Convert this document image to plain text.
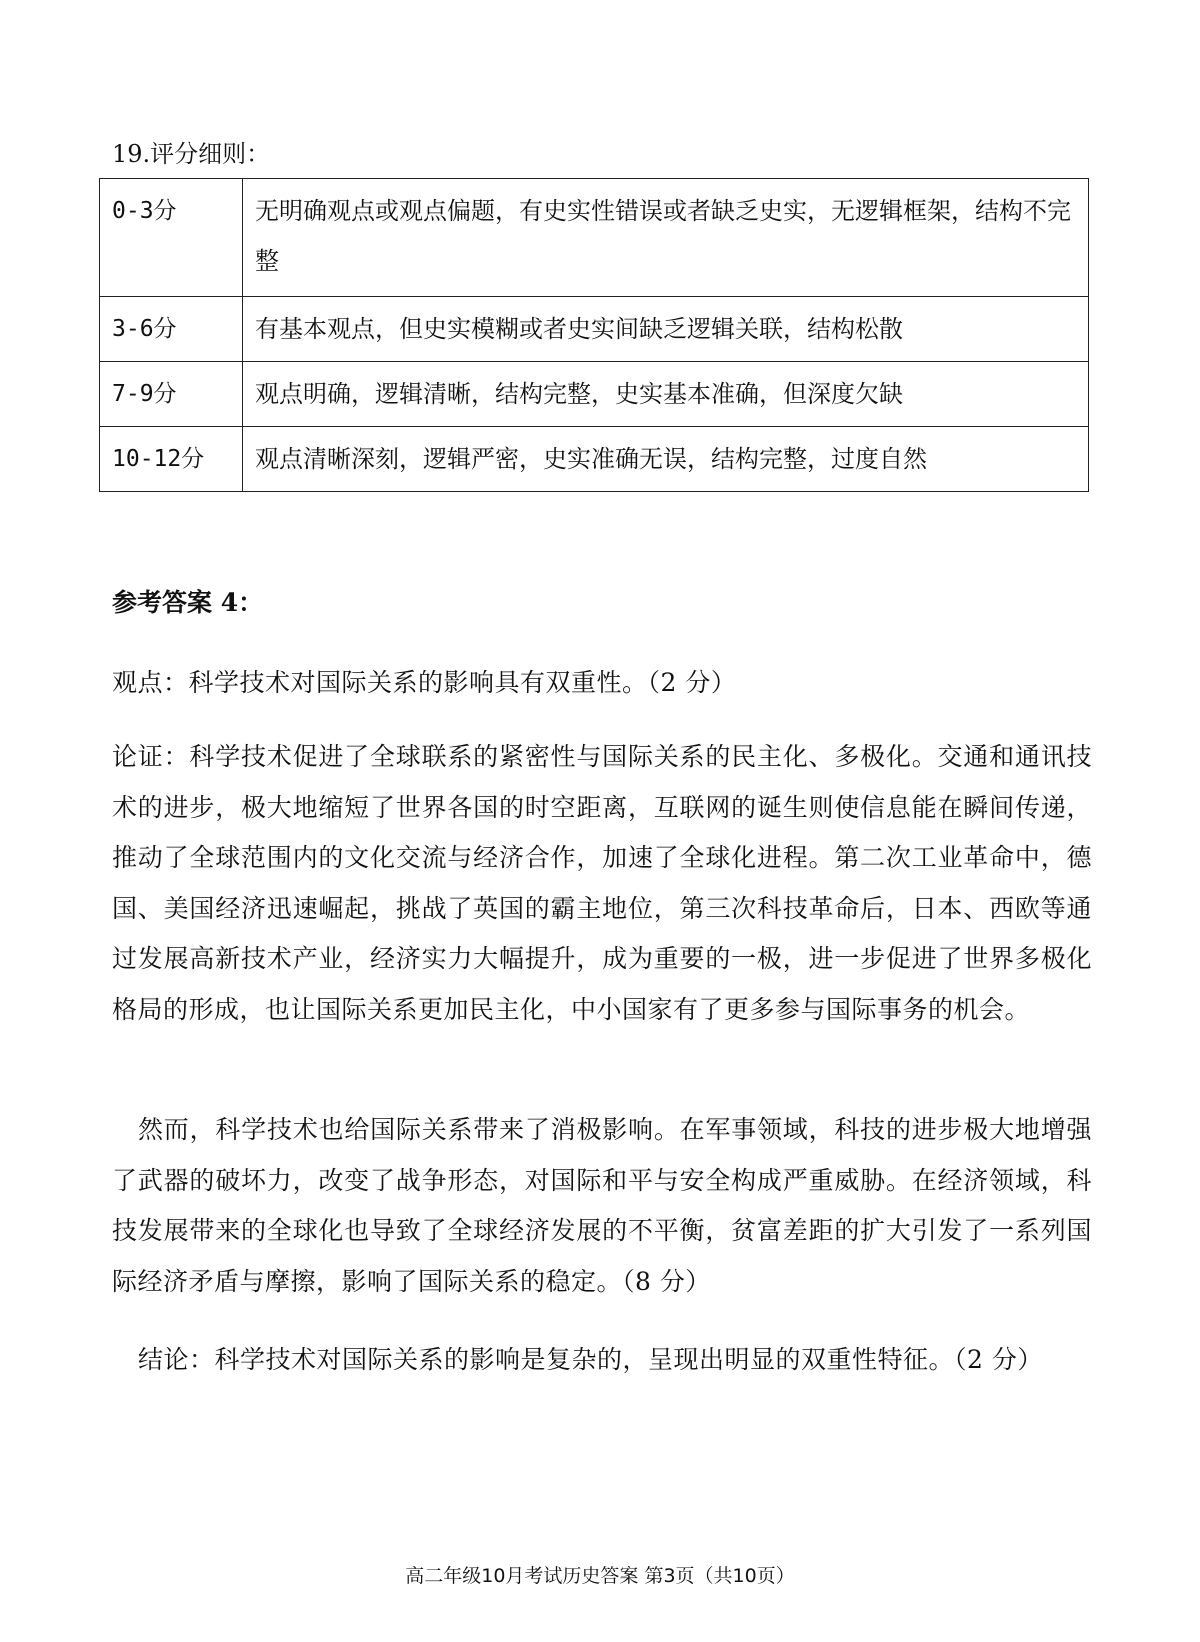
19.评分细则：

0-3分	无明确观点或观点偏题，有史实性错误或者缺乏史实，无逻辑框架，结构不完整
3-6分	有基本观点，但史实模糊或者史实间缺乏逻辑关联，结构松散
7-9分	观点明确，逻辑清晰，结构完整，史实基本准确，但深度欠缺
10-12分	观点清晰深刻，逻辑严密，史实准确无误，结构完整，过度自然

参考答案 4：

观点：科学技术对国际关系的影响具有双重性。（2 分）

论证：科学技术促进了全球联系的紧密性与国际关系的民主化、多极化。交通和通讯技术的进步，极大地缩短了世界各国的时空距离，互联网的诞生则使信息能在瞬间传递，推动了全球范围内的文化交流与经济合作，加速了全球化进程。第二次工业革命中，德国、美国经济迅速崛起，挑战了英国的霸主地位，第三次科技革命后，日本、西欧等通过发展高新技术产业，经济实力大幅提升，成为重要的一极，进一步促进了世界多极化格局的形成，也让国际关系更加民主化，中小国家有了更多参与国际事务的机会。

然而，科学技术也给国际关系带来了消极影响。在军事领域，科技的进步极大地增强了武器的破坏力，改变了战争形态，对国际和平与安全构成严重威胁。在经济领域，科技发展带来的全球化也导致了全球经济发展的不平衡，贫富差距的扩大引发了一系列国际经济矛盾与摩擦，影响了国际关系的稳定。（8 分）

结论：科学技术对国际关系的影响是复杂的，呈现出明显的双重性特征。（2 分）

高二年级10月考试历史答案 第3页（共10页）
